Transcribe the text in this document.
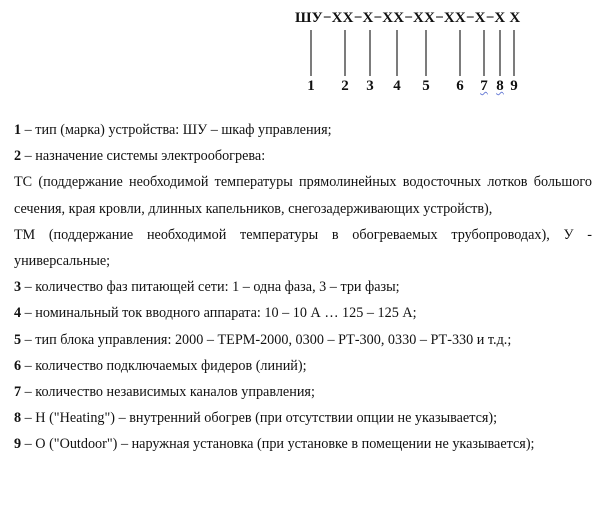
ШУ−ХХ−Х−ХХ−ХХ−ХХ−Х−Х Х
1 2 3 4 5 6 7 8 9

1 – тип (марка) устройства: ШУ – шкаф управления;

2 – назначение системы электрообогрева:

ТС (поддержание необходимой температуры прямолинейных водосточных лотков большого сечения, края кровли, длинных капельников, снегозадерживающих устройств),

ТМ (поддержание необходимой температуры в обогреваемых трубопроводах), У - универсальные;

3 – количество фаз питающей сети: 1 – одна фаза, 3 – три фазы;

4 – номинальный ток вводного аппарата: 10 – 10 А … 125 – 125 А;

5 – тип блока управления: 2000 – ТЕРМ-2000, 0300 – РТ-300, 0330 – РТ-330 и т.д.;

6 – количество подключаемых фидеров (линий);

7 – количество независимых каналов управления;

8 – Н ("Heating") – внутренний обогрев (при отсутствии опции не указывается);

9 – О ("Outdoor") – наружная установка (при установке в помещении не указывается);
